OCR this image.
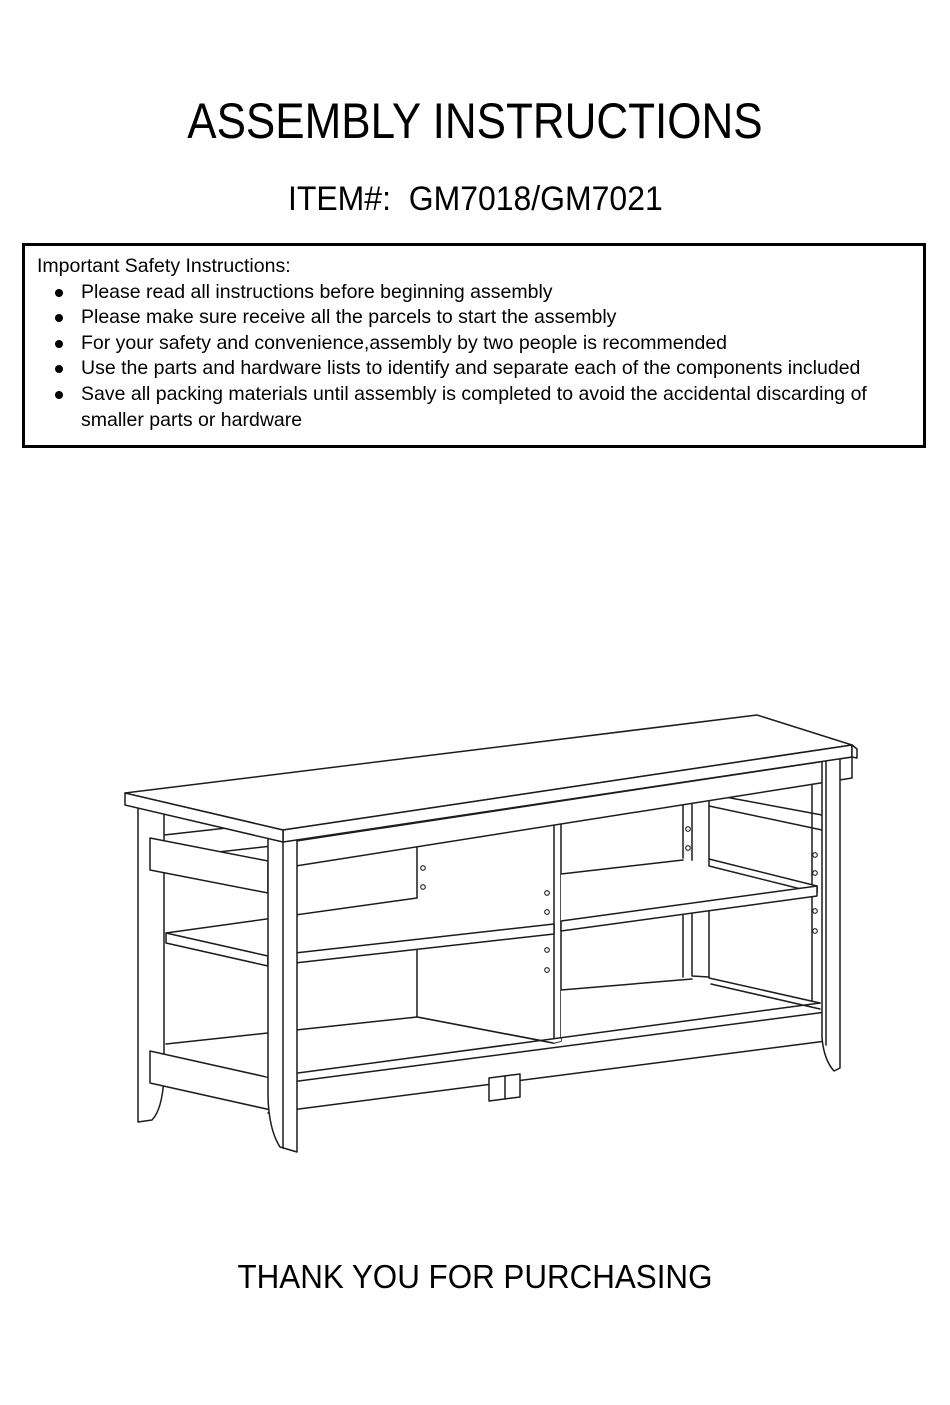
ASSEMBLY INSTRUCTIONS
ITEM#:  GM7018/GM7021
Important Safety Instructions:
Please read all instructions before beginning assembly
Please make sure receive all the parcels to start the assembly
For your safety and convenience,assembly by two people is recommended
Use the parts and hardware lists to identify and separate each of the components included
Save all packing materials until assembly is completed to avoid the accidental discarding of smaller parts or hardware
THANK YOU FOR PURCHASING
